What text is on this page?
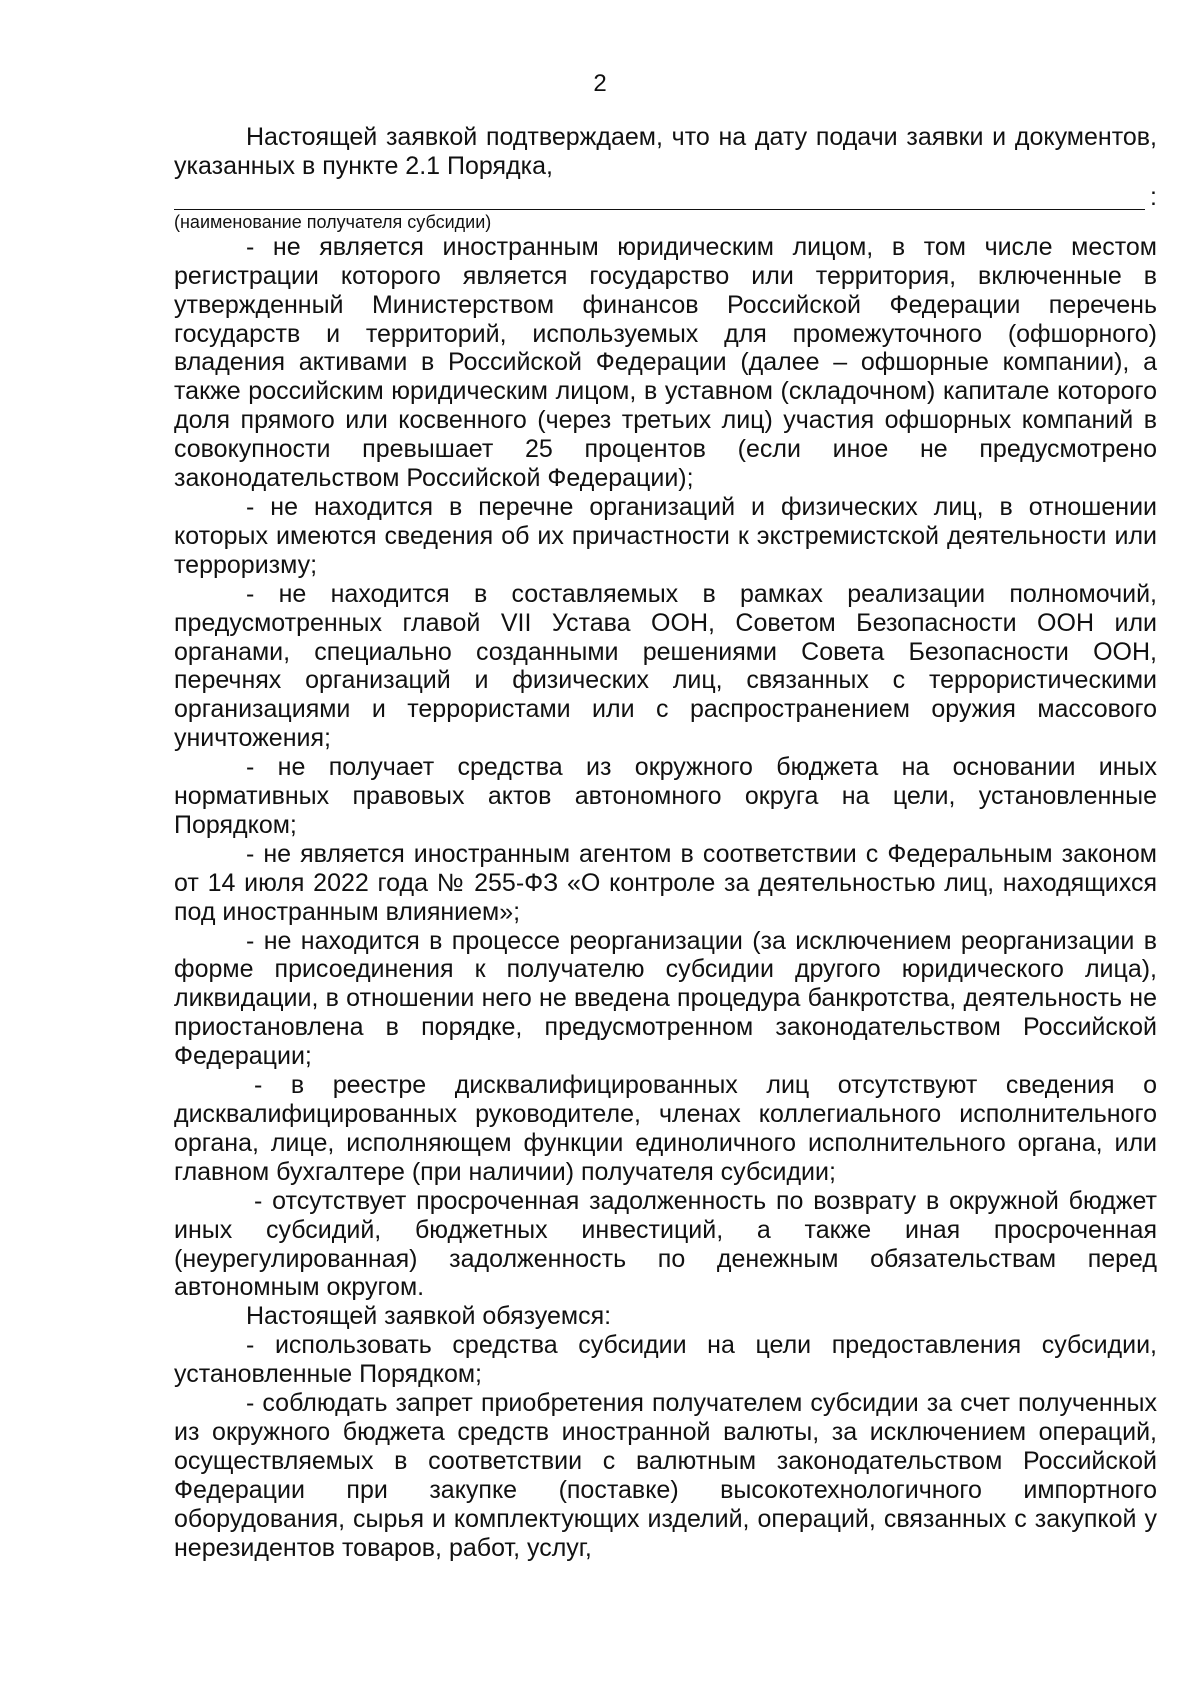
2

Настоящей заявкой подтверждаем, что на дату подачи заявки и документов, указанных в пункте 2.1 Порядка,

:

(наименование получателя субсидии)

- не является иностранным юридическим лицом, в том числе местом регистрации которого является государство или территория, включенные в утвержденный Министерством финансов Российской Федерации перечень государств и территорий, используемых для промежуточного (офшорного) владения активами в Российской Федерации (далее – офшорные компании), а также российским юридическим лицом, в уставном (складочном) капитале которого доля прямого или косвенного (через третьих лиц) участия офшорных компаний в совокупности превышает 25 процентов (если иное не предусмотрено законодательством Российской Федерации);

- не находится в перечне организаций и физических лиц, в отношении которых имеются сведения об их причастности к экстремистской деятельности или терроризму;

- не находится в составляемых в рамках реализации полномочий, предусмотренных главой VII Устава ООН, Советом Безопасности ООН или органами, специально созданными решениями Совета Безопасности ООН, перечнях организаций и физических лиц, связанных с террористическими организациями и террористами или с распространением оружия массового уничтожения;

- не получает средства из окружного бюджета на основании иных нормативных правовых актов автономного округа на цели, установленные Порядком;

- не является иностранным агентом в соответствии с Федеральным законом от 14 июля 2022 года № 255-ФЗ «О контроле за деятельностью лиц, находящихся под иностранным влиянием»;

- не находится в процессе реорганизации (за исключением реорганизации в форме присоединения к получателю субсидии другого юридического лица), ликвидации, в отношении него не введена процедура банкротства, деятельность не приостановлена в порядке, предусмотренном законодательством Российской Федерации;

- в реестре дисквалифицированных лиц отсутствуют сведения о дисквалифицированных руководителе, членах коллегиального исполнительного органа, лице, исполняющем функции единоличного исполнительного органа, или главном бухгалтере (при наличии) получателя субсидии;

- отсутствует просроченная задолженность по возврату в окружной бюджет иных субсидий, бюджетных инвестиций, а также иная просроченная (неурегулированная) задолженность по денежным обязательствам перед автономным округом.

Настоящей заявкой обязуемся:

- использовать средства субсидии на цели предоставления субсидии, установленные Порядком;

- соблюдать запрет приобретения получателем субсидии за счет полученных из окружного бюджета средств иностранной валюты, за исключением операций, осуществляемых в соответствии с валютным законодательством Российской Федерации при закупке (поставке) высокотехнологичного импортного оборудования, сырья и комплектующих изделий, операций, связанных с закупкой у нерезидентов товаров, работ, услуг,
